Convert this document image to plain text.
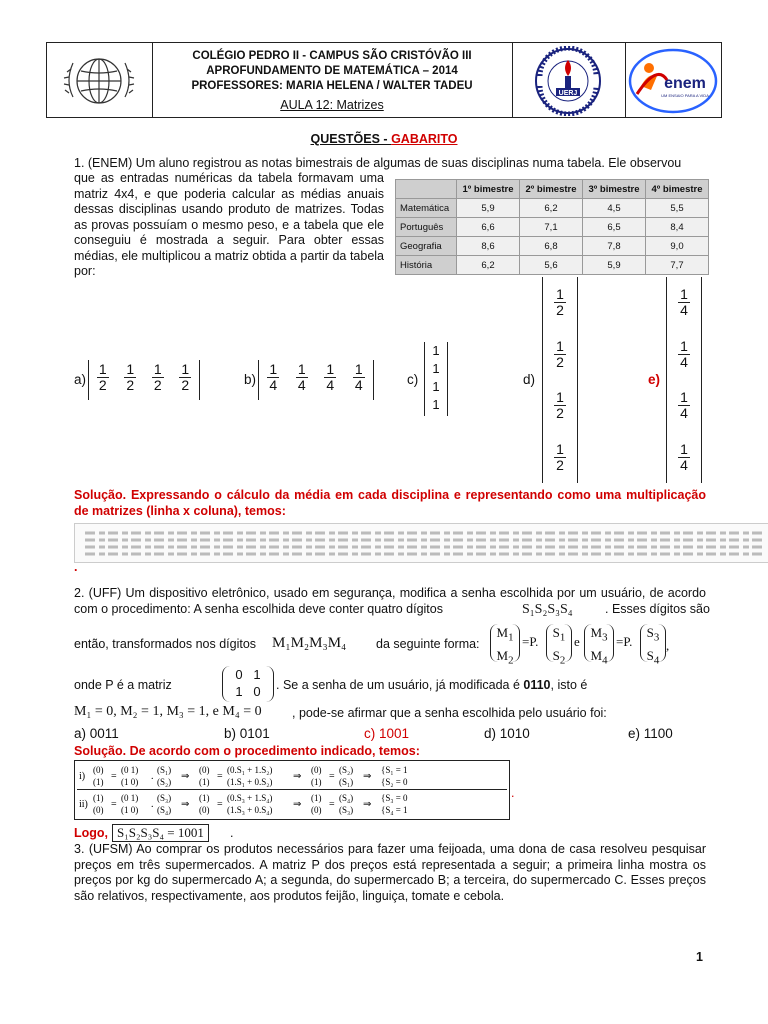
COLÉGIO PEDRO II - CAMPUS SÃO CRISTÓVÃO III
APROFUNDAMENTO DE MATEMÁTICA – 2014
PROFESSORES: MARIA HELENA / WALTER TADEU
AULA 12: Matrizes
UERJ
enem
UM ENSAIO PARA A VIDA
QUESTÕES - GABARITO
1. (ENEM) Um aluno registrou as notas bimestrais de algumas de suas disciplinas numa tabela. Ele observou
que as entradas numéricas da tabela formavam uma matriz 4x4, e que poderia calcular as médias anuais dessas disciplinas usando produto de matrizes. Todas as provas possuíam o mesmo peso, e a tabela que ele conseguiu é mostrada a seguir. Para obter essas médias, ele multiplicou a matriz obtida a partir da tabela por:
	1º bimestre	2º bimestre	3º bimestre	4º bimestre
Matemática	5,9	6,2	4,5	5,5
Português	6,6	7,1	6,5	8,4
Geografia	8,6	6,8	7,8	9,0
História	6,2	5,6	5,9	7,7
$a) \frac{1}{2} \frac{1}{2} \frac{1}{2} \frac{1}{2}$	$b) \frac{1}{4} \frac{1}{4} \frac{1}{4} \frac{1}{4}$	c)
1
1
1
1
d)
$\frac{1}{2}$
$\frac{1}{2}$
$\frac{1}{2}$
$\frac{1}{2}$
e)
$\frac{1}{4}$
$\frac{1}{4}$
$\frac{1}{4}$
$\frac{1}{4}$
Solução. Expressando o cálculo da média em cada disciplina e representando como uma multiplicação de matrizes (linha x coluna), temos:
.
2. (UFF) Um dispositivo eletrônico, usado em segurança, modifica a senha escolhida por um usuário, de acordo com o procedimento: A senha escolhida deve conter quatro dígitos	S₁S₂S₃S₄	. Esses dígitos são
então, transformados nos dígitos M₁M₂M₃M₄ da seguinte forma:
$M_1$
$M_2$
=P.
$S_1$
$S_2$
e
$M_3$
$M_4$
=P.
$S_3$
$S_4$
,
onde P é a matriz
0   1
1   0	. Se a senha de um usuário, já modificada é 0110, isto é
M₁ = 0, M₂ = 1, M₃ = 1, e M₄ = 0 , pode-se afirmar que a senha escolhida pelo usuário foi:
a) 0011	b) 0101	c) 1001	d) 1010	e) 1100
Solução. De acordo com o procedimento indicado, temos:
i)
(0)
(1) =
(0 1)
(1 0) .
(S₁)
(S₂) ⇒
(0)
(1) =
(0.S₁ + 1.S₂)
(1.S₁ + 0.S₂) ⇒
(0)
(1) =
(S₂)
(S₁) ⇒
{S₁ = 1
{S₂ = 0
ii)
(1)
(0) =
(0 1)
(1 0) .
(S₃)
(S₄) ⇒
(1)
(0) =
(0.S₃ + 1.S₄)
(1.S₃ + 0.S₄) ⇒
(1)
(0) =
(S₄)
(S₃) ⇒
{S₃ = 0
{S₄ = 1
.
Logo, S₁S₂S₃S₄ = 1001	.
3. (UFSM) Ao comprar os produtos necessários para fazer uma feijoada, uma dona de casa resolveu pesquisar preços em três supermercados. A matriz P dos preços está representada a seguir; a primeira linha mostra os preços por kg do supermercado A; a segunda, do supermercado B; a terceira, do supermercado C. Esses preços são relativos, respectivamente, aos produtos feijão, linguiça, tomate e cebola.
1
